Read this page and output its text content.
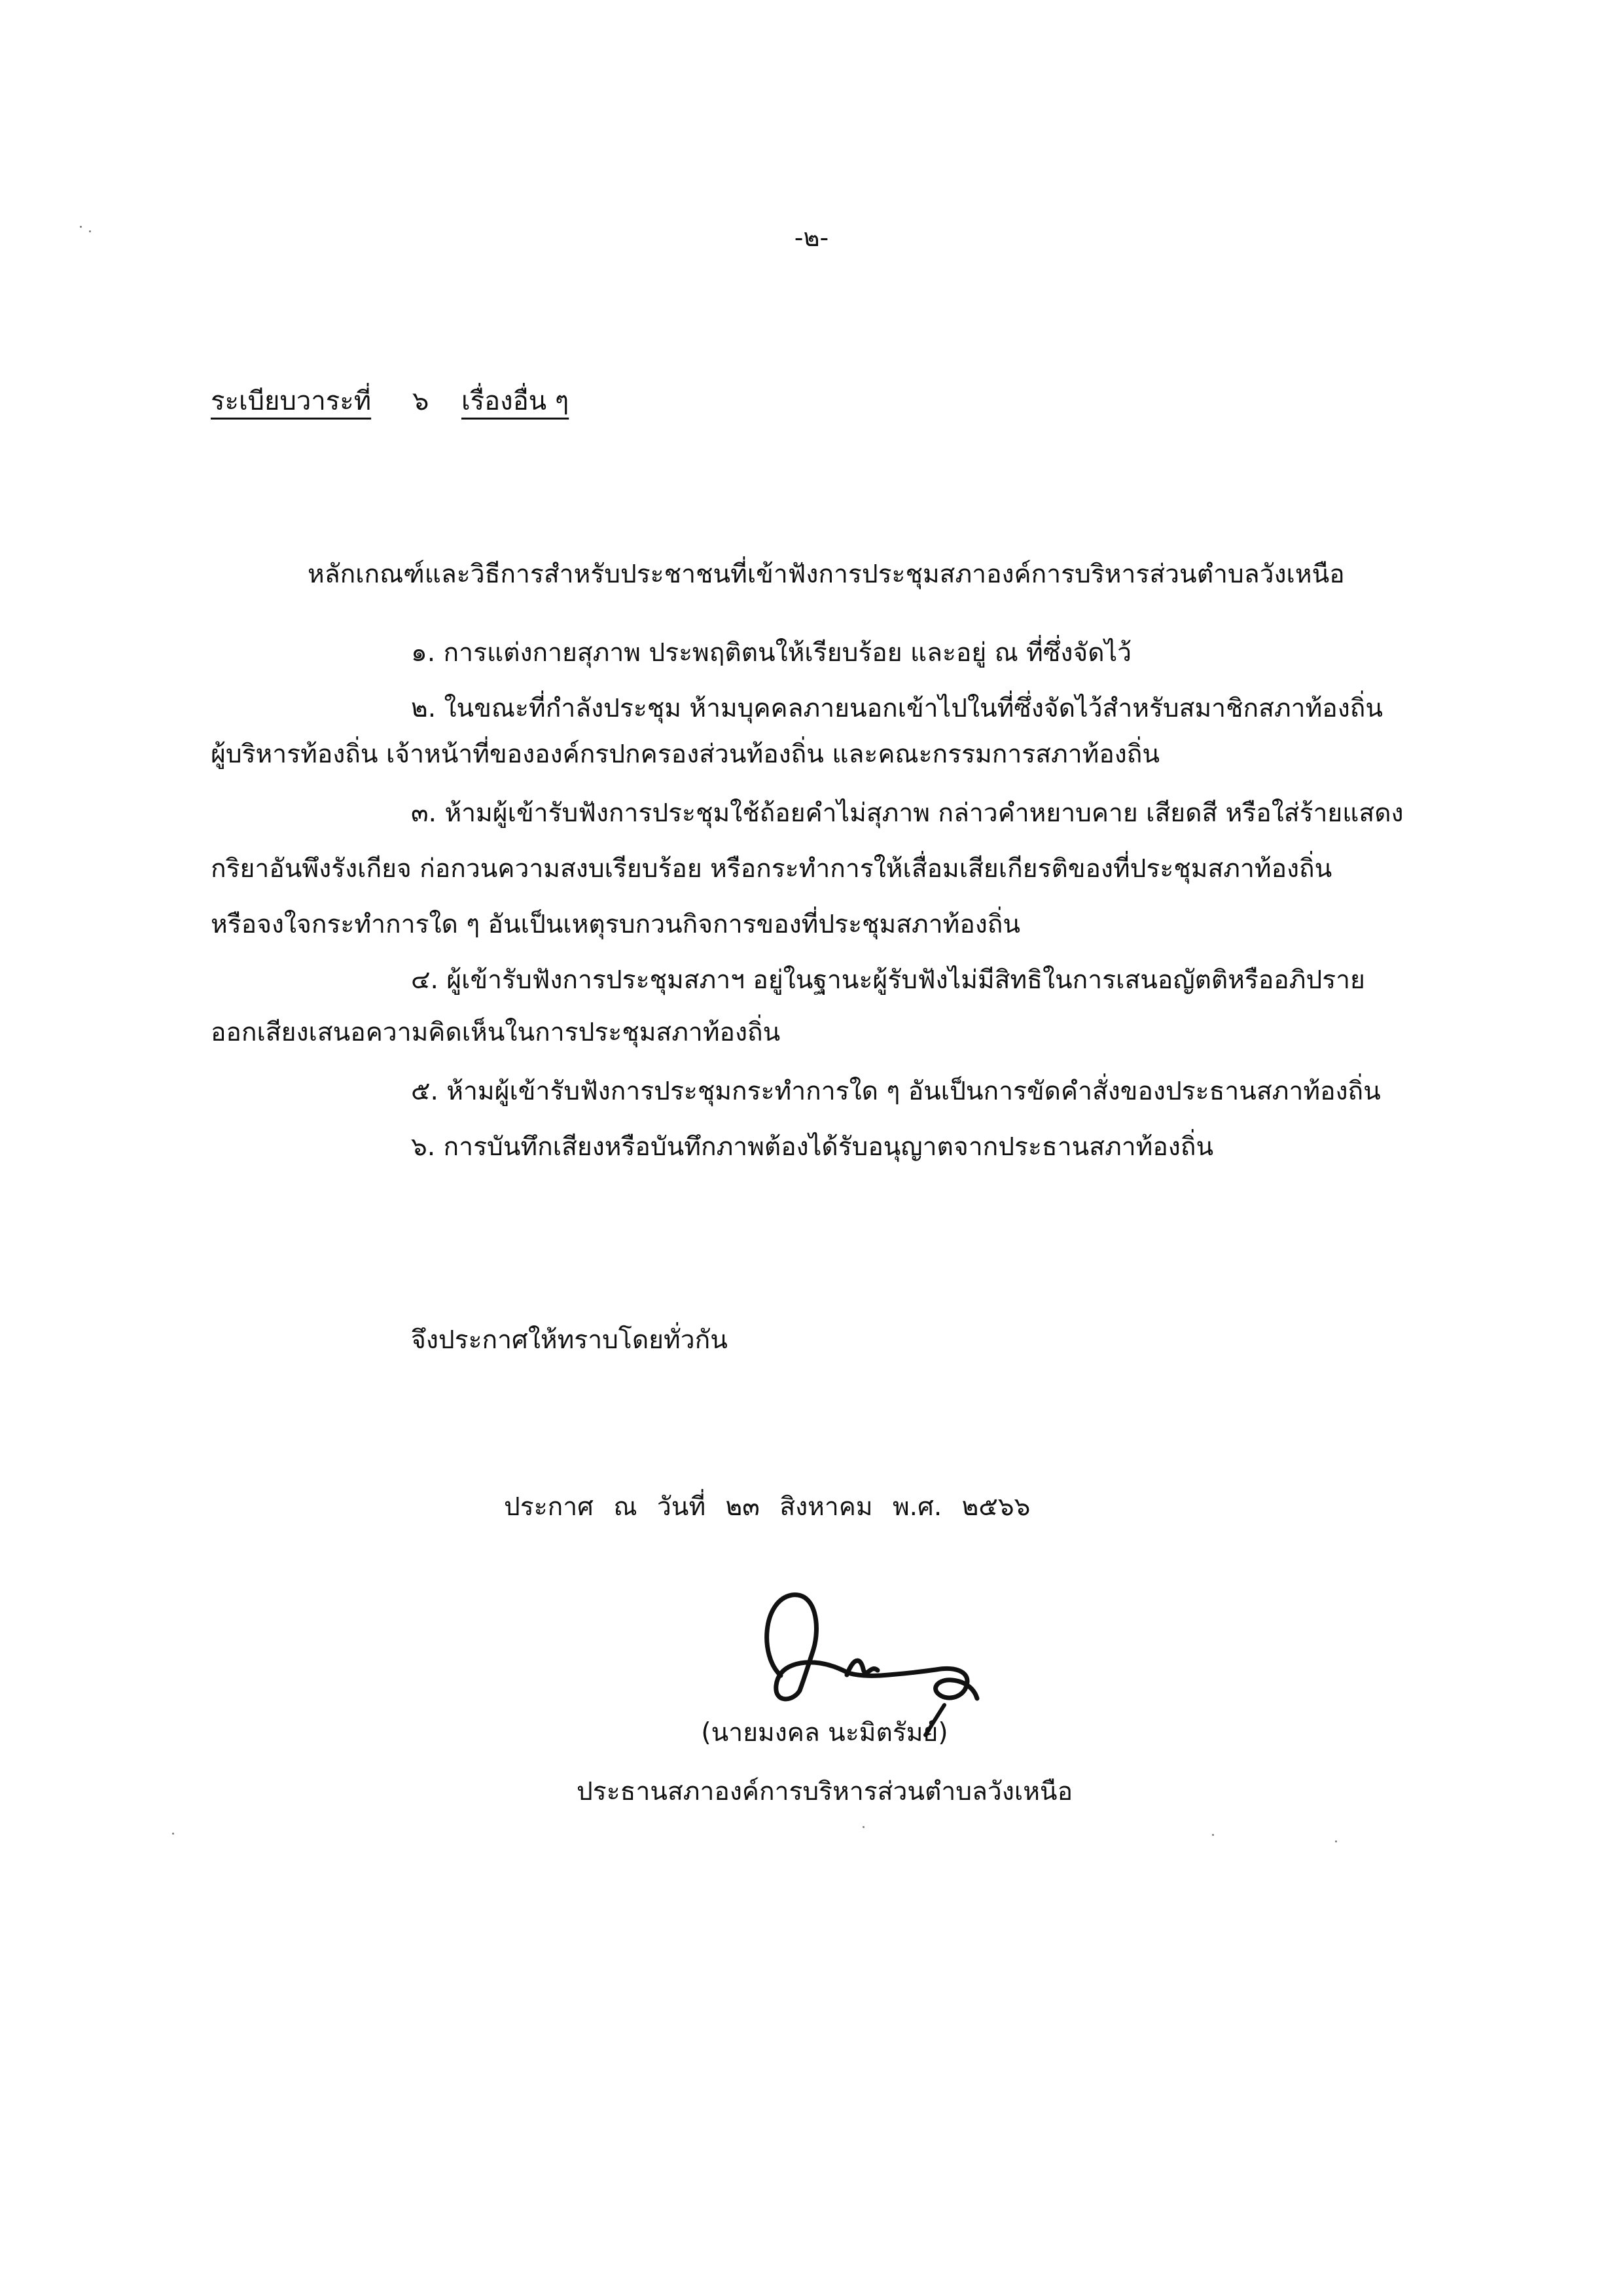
-๒-
ระเบียบวาระที่ ๖ เรื่องอื่น ๆ
หลักเกณฑ์และวิธีการสำหรับประชาชนที่เข้าฟังการประชุมสภาองค์การบริหารส่วนตำบลวังเหนือ
๑. การแต่งกายสุภาพ ประพฤติตนให้เรียบร้อย และอยู่ ณ ที่ซึ่งจัดไว้
๒. ในขณะที่กำลังประชุม ห้ามบุคคลภายนอกเข้าไปในที่ซึ่งจัดไว้สำหรับสมาชิกสภาท้องถิ่น
ผู้บริหารท้องถิ่น เจ้าหน้าที่ขององค์กรปกครองส่วนท้องถิ่น และคณะกรรมการสภาท้องถิ่น
๓. ห้ามผู้เข้ารับฟังการประชุมใช้ถ้อยคำไม่สุภาพ กล่าวคำหยาบคาย เสียดสี หรือใส่ร้ายแสดง
กริยาอันพึงรังเกียจ ก่อกวนความสงบเรียบร้อย หรือกระทำการให้เสื่อมเสียเกียรติของที่ประชุมสภาท้องถิ่น
หรือจงใจกระทำการใด ๆ อันเป็นเหตุรบกวนกิจการของที่ประชุมสภาท้องถิ่น
๔. ผู้เข้ารับฟังการประชุมสภาฯ อยู่ในฐานะผู้รับฟังไม่มีสิทธิในการเสนอญัตติหรืออภิปราย
ออกเสียงเสนอความคิดเห็นในการประชุมสภาท้องถิ่น
๕. ห้ามผู้เข้ารับฟังการประชุมกระทำการใด ๆ อันเป็นการขัดคำสั่งของประธานสภาท้องถิ่น
๖. การบันทึกเสียงหรือบันทึกภาพต้องได้รับอนุญาตจากประธานสภาท้องถิ่น
จึงประกาศให้ทราบโดยทั่วกัน
ประกาศ ณ วันที่ ๒๓ สิงหาคม พ.ศ. ๒๕๖๖
(นายมงคล นะมิตรัมย์)
ประธานสภาองค์การบริหารส่วนตำบลวังเหนือ
